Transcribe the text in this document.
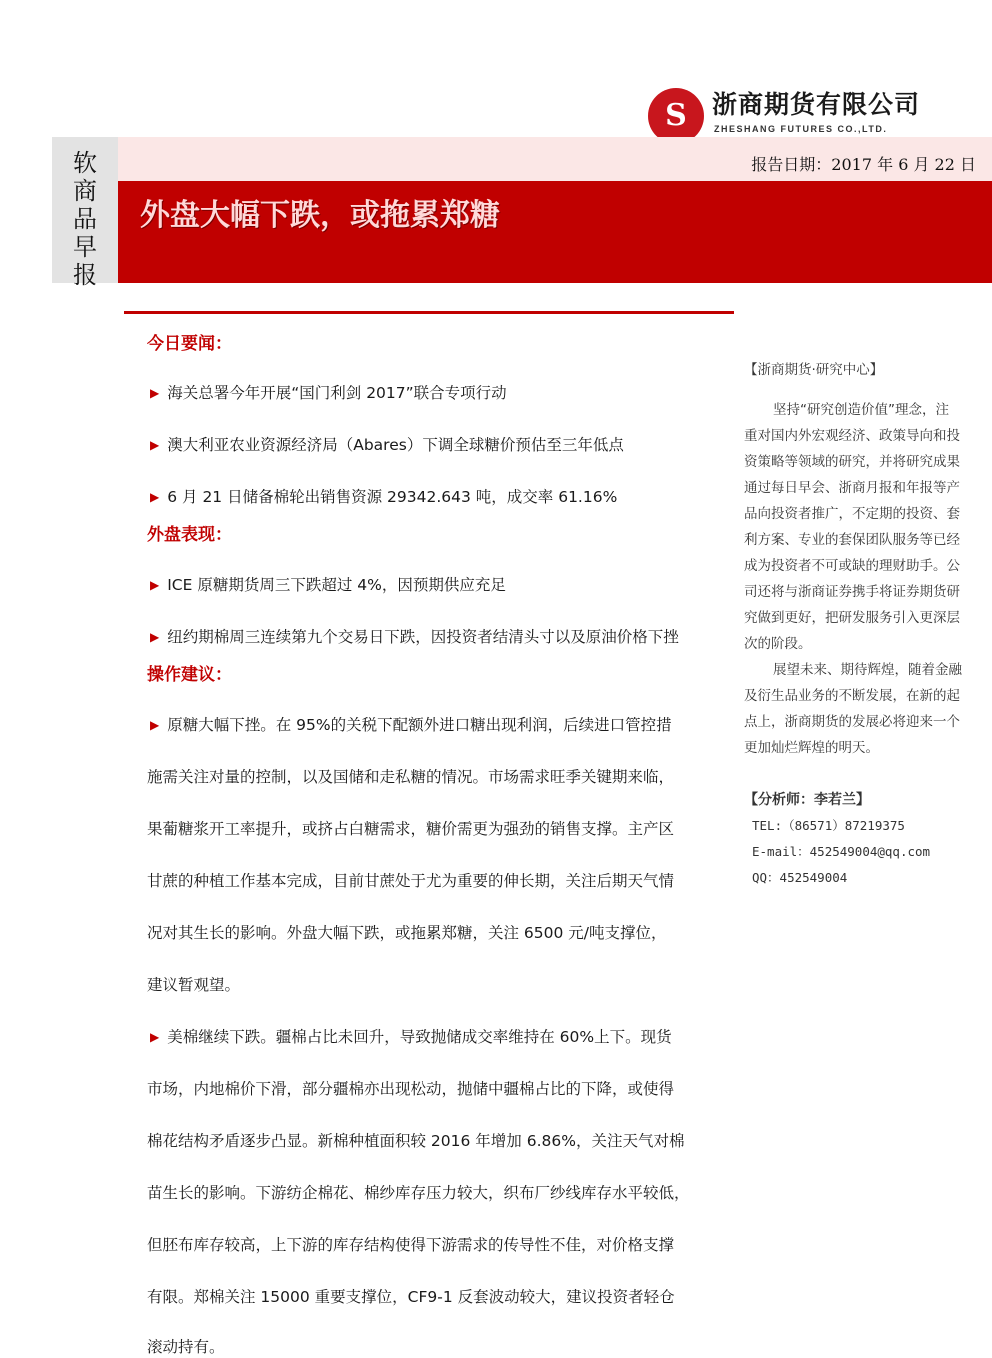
S 浙商期货有限公司
ZHESHANG FUTURES CO.,LTD.
软商品早报
报告日期：2017 年 6 月 22 日
外盘大幅下跌，或拖累郑糖
今日要闻：
▶ 海关总署今年开展“国门利剑 2017”联合专项行动
▶ 澳大利亚农业资源经济局（Abares）下调全球糖价预估至三年低点
▶ 6 月 21 日储备棉轮出销售资源 29342.643 吨，成交率 61.16%
外盘表现：
▶ ICE 原糖期货周三下跌超过 4%，因预期供应充足
▶ 纽约期棉周三连续第九个交易日下跌，因投资者结清头寸以及原油价格下挫
操作建议：
▶ 原糖大幅下挫。在 95%的关税下配额外进口糖出现利润，后续进口管控措
施需关注对量的控制，以及国储和走私糖的情况。市场需求旺季关键期来临，
果葡糖浆开工率提升，或挤占白糖需求，糖价需更为强劲的销售支撑。主产区
甘蔗的种植工作基本完成，目前甘蔗处于尤为重要的伸长期，关注后期天气情
况对其生长的影响。外盘大幅下跌，或拖累郑糖，关注 6500 元/吨支撑位，
建议暂观望。
▶ 美棉继续下跌。疆棉占比未回升，导致抛储成交率维持在 60%上下。现货
市场，内地棉价下滑，部分疆棉亦出现松动，抛储中疆棉占比的下降，或使得
棉花结构矛盾逐步凸显。新棉种植面积较 2016 年增加 6.86%，关注天气对棉
苗生长的影响。下游纺企棉花、棉纱库存压力较大，织布厂纱线库存水平较低，
但胚布库存较高，上下游的库存结构使得下游需求的传导性不佳，对价格支撑
有限。郑棉关注 15000 重要支撑位，CF9-1 反套波动较大，建议投资者轻仓
滚动持有。
【浙商期货·研究中心】
坚持“研究创造价值”理念，注
重对国内外宏观经济、政策导向和投
资策略等领域的研究，并将研究成果
通过每日早会、浙商月报和年报等产
品向投资者推广，不定期的投资、套
利方案、专业的套保团队服务等已经
成为投资者不可或缺的理财助手。公
司还将与浙商证券携手将证券期货研
究做到更好，把研发服务引入更深层
次的阶段。
展望未来、期待辉煌，随着金融
及衍生品业务的不断发展，在新的起
点上，浙商期货的发展必将迎来一个
更加灿烂辉煌的明天。
【分析师：李若兰】
TEL:（86571）87219375
E-mail：452549004@qq.com
QQ：452549004
